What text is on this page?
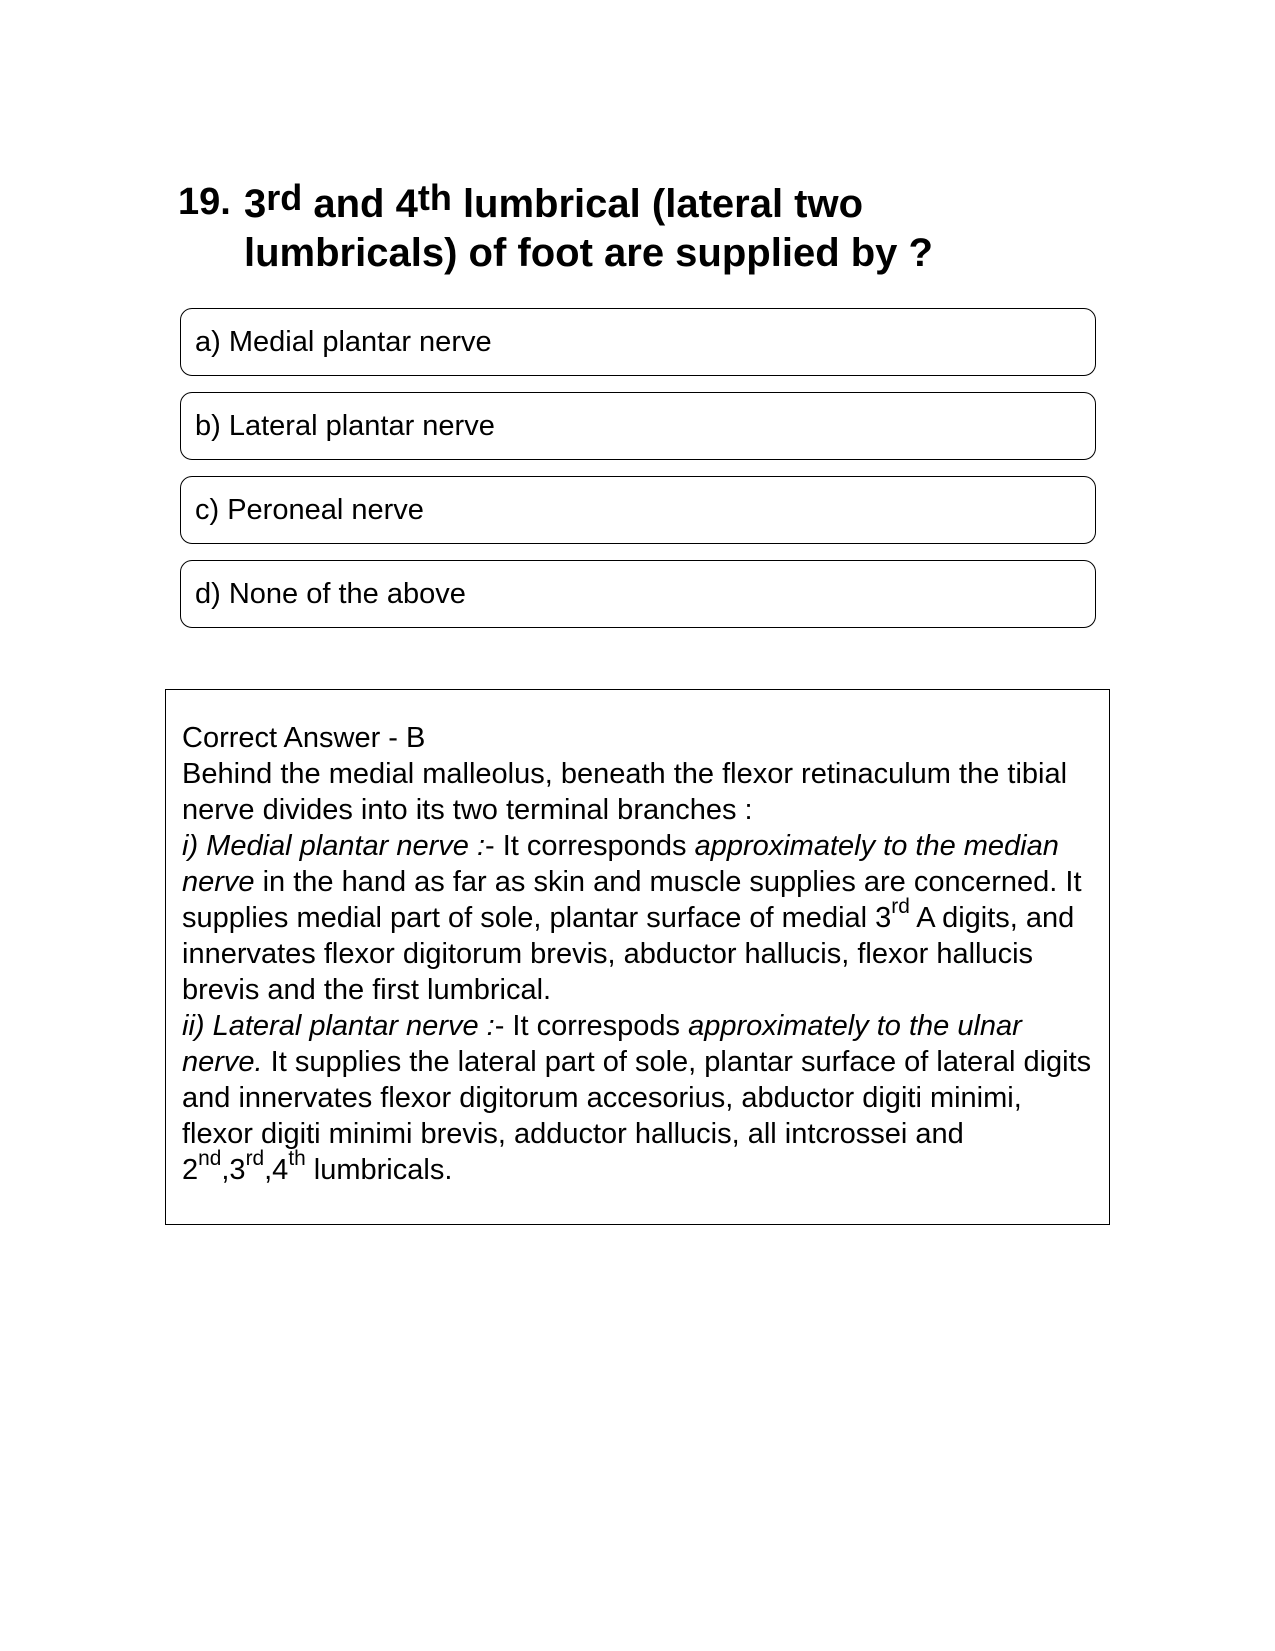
19. 3rd and 4th lumbrical (lateral two lumbricals) of foot are supplied by ?
a) Medial plantar nerve
b) Lateral plantar nerve
c) Peroneal nerve
d) None of the above

Correct Answer - B

Behind the medial malleolus, beneath the flexor retinaculum the tibial nerve divides into its two terminal branches :

i) Medial plantar nerve :- It corresponds approximately to the median nerve in the hand as far as skin and muscle supplies are concerned. It supplies medial part of sole, plantar surface of medial 3rd A digits, and innervates flexor digitorum brevis, abductor hallucis, flexor hallucis brevis and the first lumbrical.

ii) Lateral plantar nerve :- It correspods approximately to the ulnar nerve. It supplies the lateral part of sole, plantar surface of lateral digits and innervates flexor digitorum accesorius, abductor digiti minimi, flexor digiti minimi brevis, adductor hallucis, all intcrossei and 2nd,3rd,4th lumbricals.
